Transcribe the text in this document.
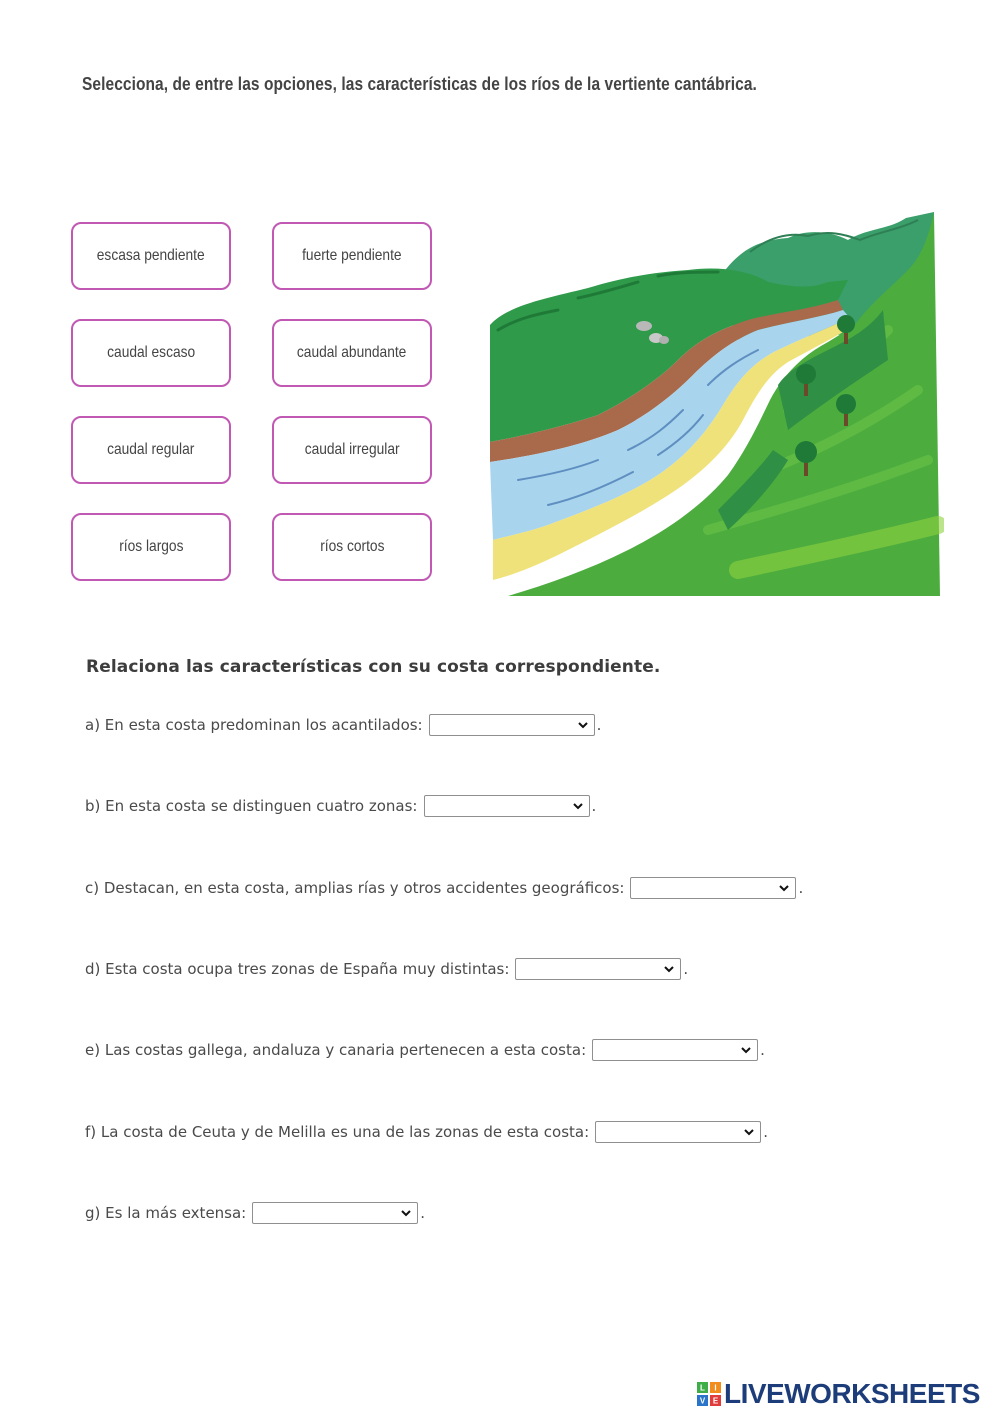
Selecciona, de entre las opciones, las características de los ríos de la vertiente cantábrica.
escasa pendiente	fuerte pendiente
caudal escaso	caudal abundante
caudal regular	caudal irregular
ríos largos	ríos cortos
Relaciona las características con su costa correspondiente.
a) En esta costa predominan los acantilados:	.
b) En esta costa se distinguen cuatro zonas:	.
c) Destacan, en esta costa, amplias rías y otros accidentes geográficos:	.
d) Esta costa ocupa tres zonas de España muy distintas:	.
e) Las costas gallega, andaluza y canaria pertenecen a esta costa:	.
f) La costa de Ceuta y de Melilla es una de las zonas de esta costa:	.
g) Es la más extensa:	.
L I
V E LIVEWORKSHEETS
